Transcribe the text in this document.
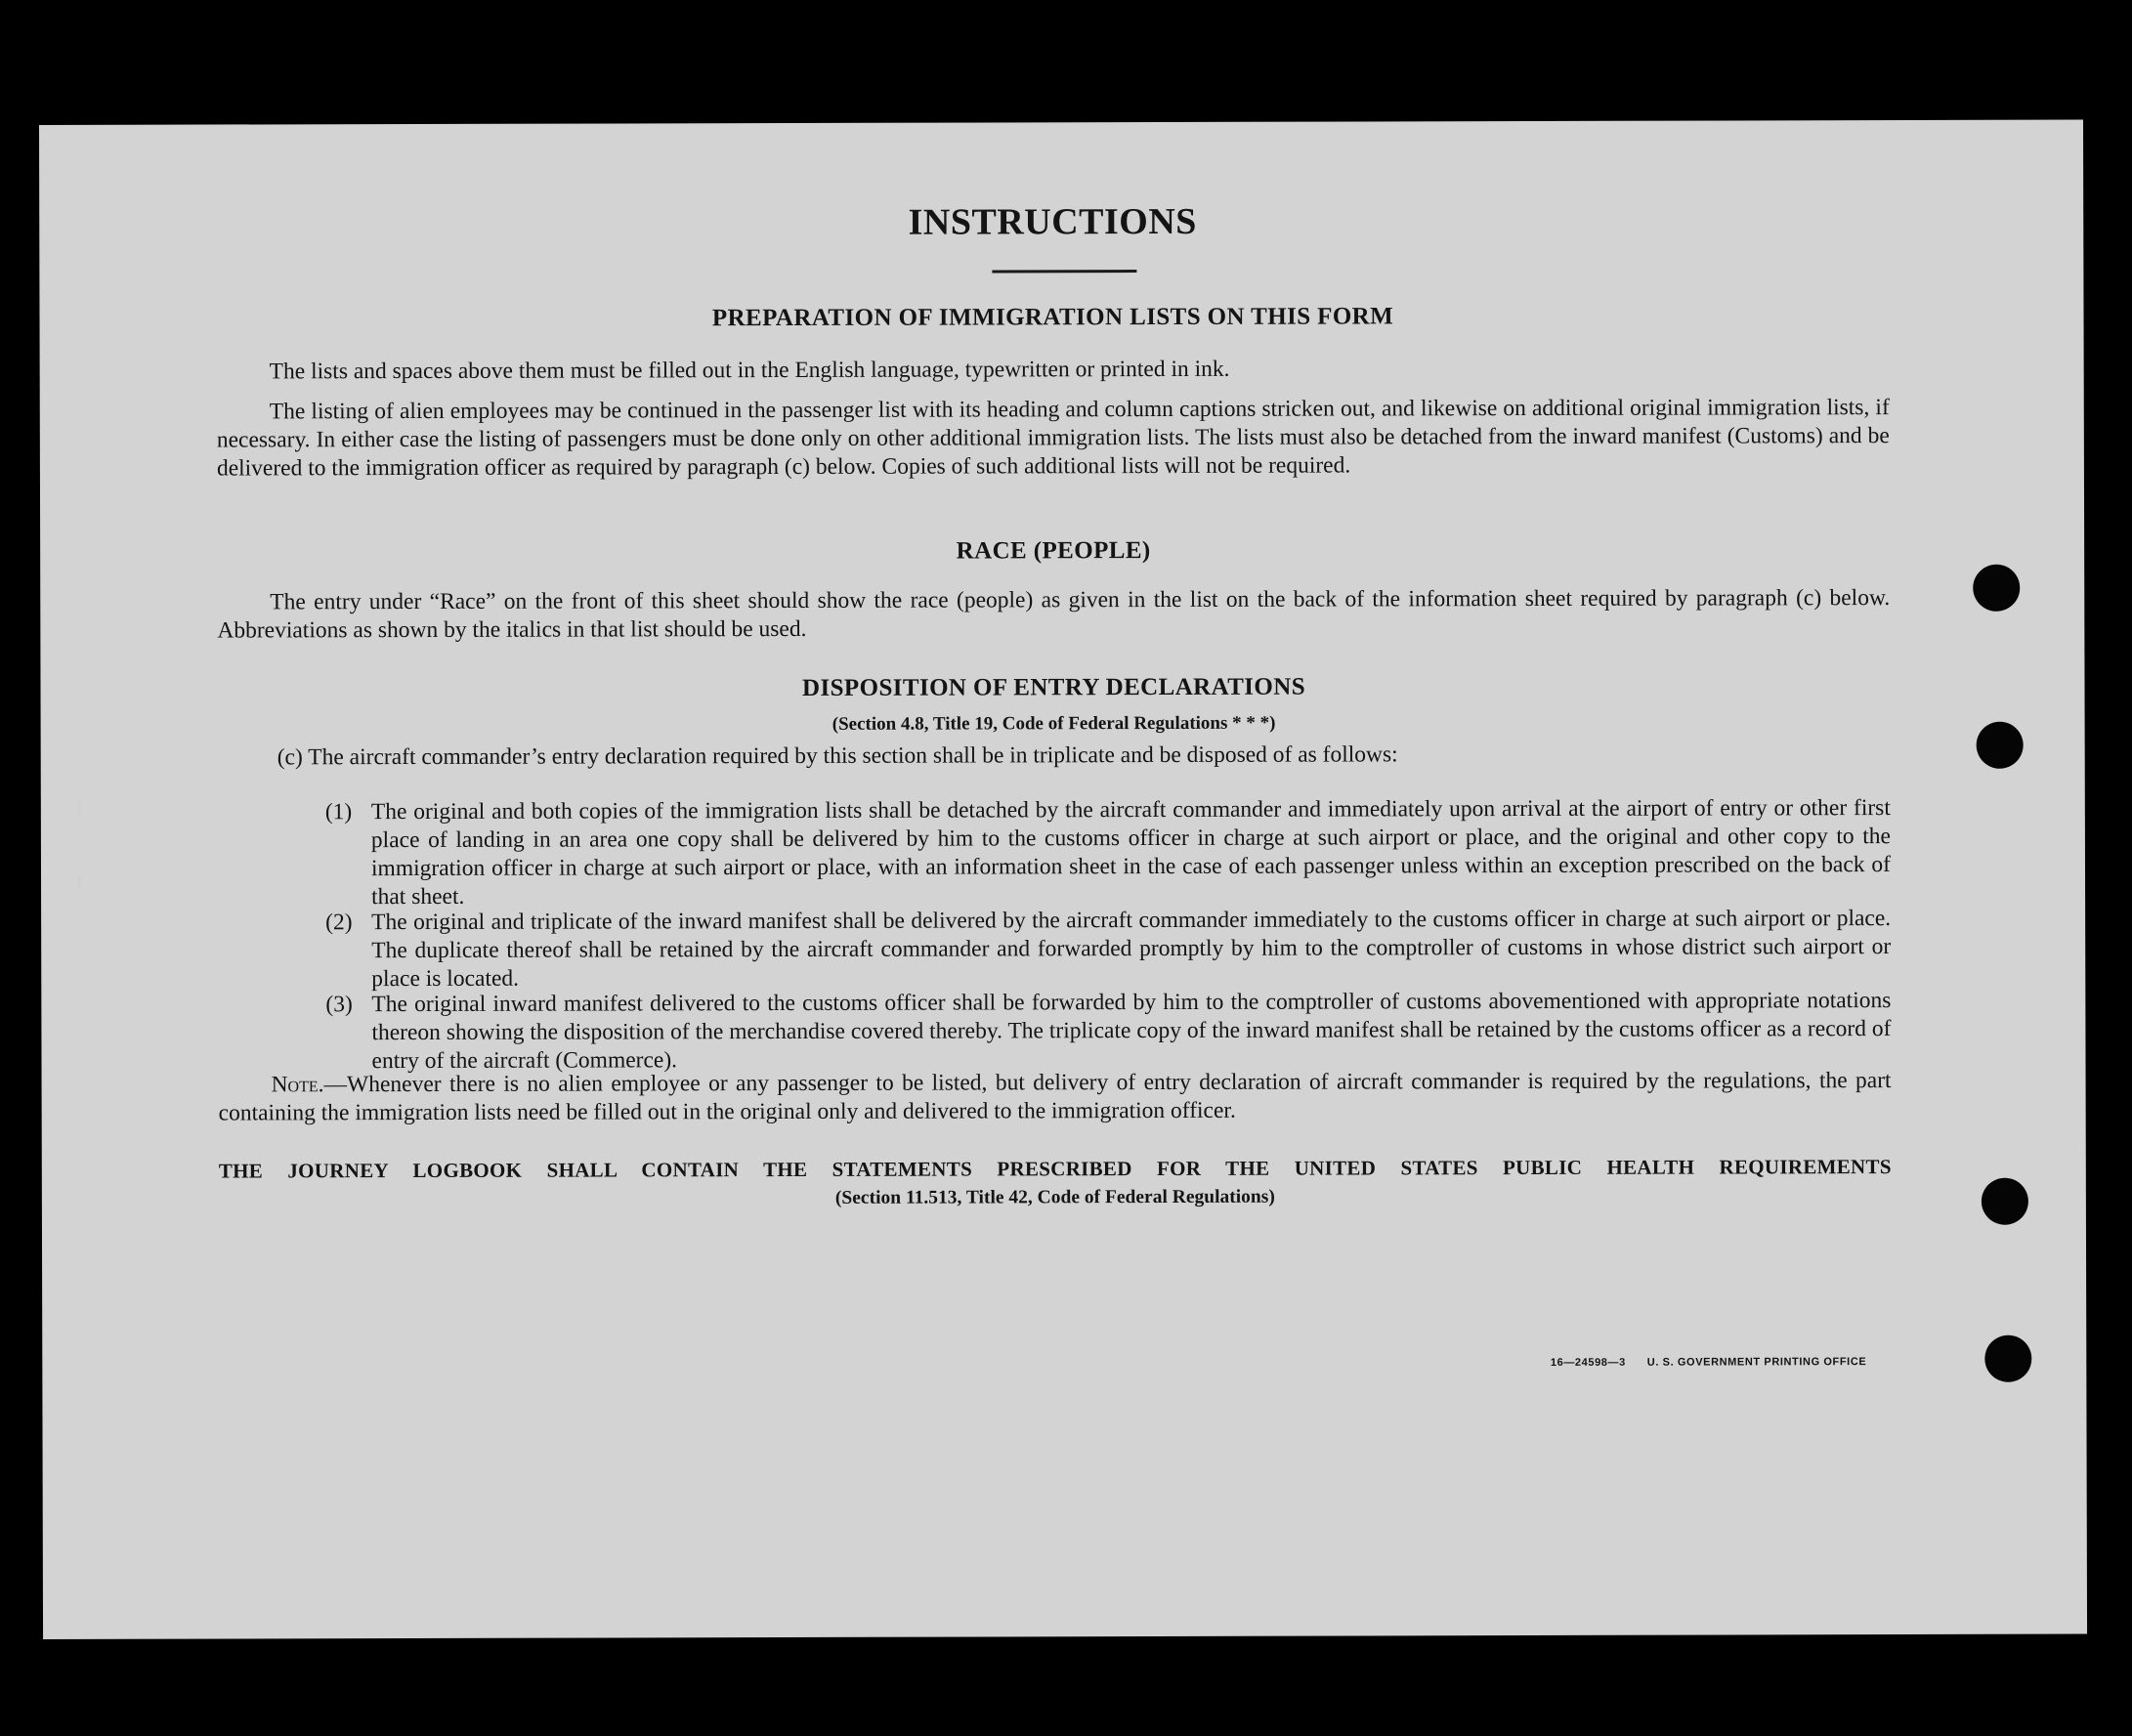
INSTRUCTIONS
PREPARATION OF IMMIGRATION LISTS ON THIS FORM
The lists and spaces above them must be filled out in the English language, typewritten or printed in ink.
The listing of alien employees may be continued in the passenger list with its heading and column captions stricken out, and likewise on additional original immigration lists, if necessary. In either case the listing of passengers must be done only on other additional immigration lists. The lists must also be detached from the inward manifest (Customs) and be delivered to the immigration officer as required by paragraph (c) below. Copies of such additional lists will not be required.
RACE (PEOPLE)
The entry under “Race” on the front of this sheet should show the race (people) as given in the list on the back of the information sheet required by paragraph (c) below. Abbreviations as shown by the italics in that list should be used.
DISPOSITION OF ENTRY DECLARATIONS
(Section 4.8, Title 19, Code of Federal Regulations * * *)
(c) The aircraft commander’s entry declaration required by this section shall be in triplicate and be disposed of as follows:
(1) The original and both copies of the immigration lists shall be detached by the aircraft commander and immediately upon arrival at the airport of entry or other first place of landing in an area one copy shall be delivered by him to the customs officer in charge at such airport or place, and the original and other copy to the immigration officer in charge at such airport or place, with an information sheet in the case of each passenger unless within an exception prescribed on the back of that sheet.
(2) The original and triplicate of the inward manifest shall be delivered by the aircraft commander immediately to the customs officer in charge at such airport or place. The duplicate thereof shall be retained by the aircraft commander and forwarded promptly by him to the comptroller of customs in whose district such airport or place is located.
(3) The original inward manifest delivered to the customs officer shall be forwarded by him to the comptroller of customs abovementioned with appropriate notations thereon showing the disposition of the merchandise covered thereby. The triplicate copy of the inward manifest shall be retained by the customs officer as a record of entry of the aircraft (Commerce).
Note.—Whenever there is no alien employee or any passenger to be listed, but delivery of entry declaration of aircraft commander is required by the regulations, the part containing the immigration lists need be filled out in the original only and delivered to the immigration officer.
THE JOURNEY LOGBOOK SHALL CONTAIN THE STATEMENTS PRESCRIBED FOR THE UNITED STATES PUBLIC HEALTH REQUIREMENTS
(Section 11.513, Title 42, Code of Federal Regulations)
16—24598—3 U. S. GOVERNMENT PRINTING OFFICE
